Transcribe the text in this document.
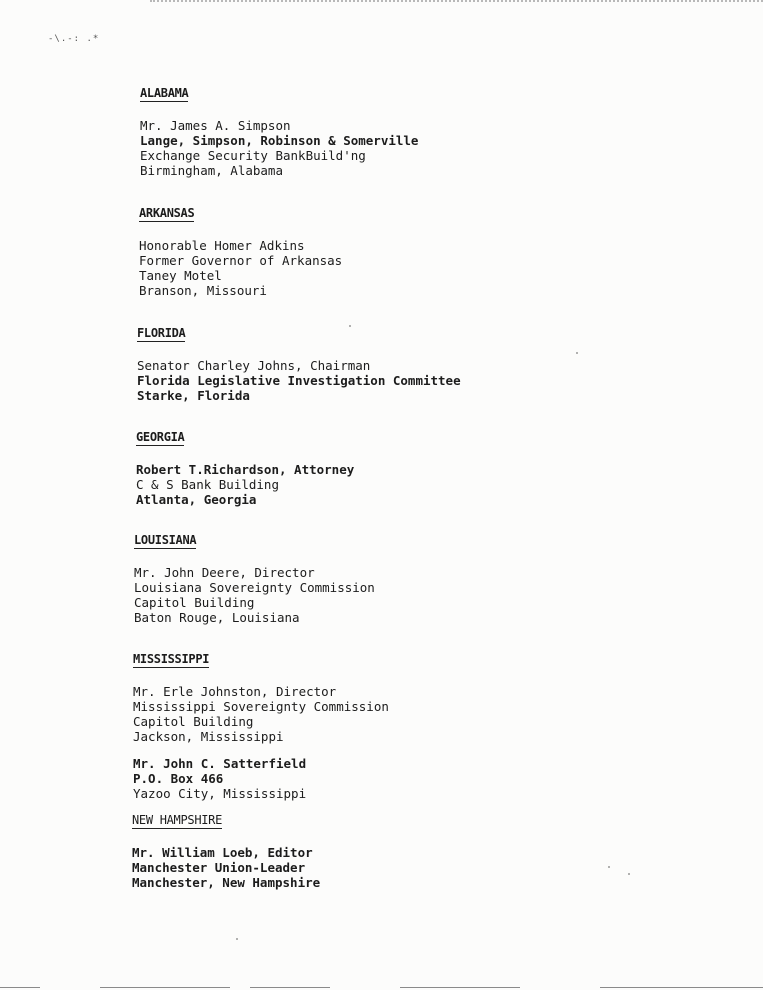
-\.-: .*
ALABAMA
Mr. James A. Simpson
Lange, Simpson, Robinson & Somerville
Exchange Security BankBuild'ng
Birmingham, Alabama
ARKANSAS
Honorable Homer Adkins
Former Governor of Arkansas
Taney Motel
Branson, Missouri
FLORIDA
Senator Charley Johns, Chairman
Florida Legislative Investigation Committee
Starke, Florida
GEORGIA
Robert T.Richardson, Attorney
C & S Bank Building
Atlanta, Georgia
LOUISIANA
Mr. John Deere, Director
Louisiana Sovereignty Commission
Capitol Building
Baton Rouge, Louisiana
MISSISSIPPI
Mr. Erle Johnston, Director
Mississippi Sovereignty Commission
Capitol Building
Jackson, Mississippi
Mr. John C. Satterfield
P.O. Box 466
Yazoo City, Mississippi
NEW HAMPSHIRE
Mr. William Loeb, Editor
Manchester Union-Leader
Manchester, New Hampshire
